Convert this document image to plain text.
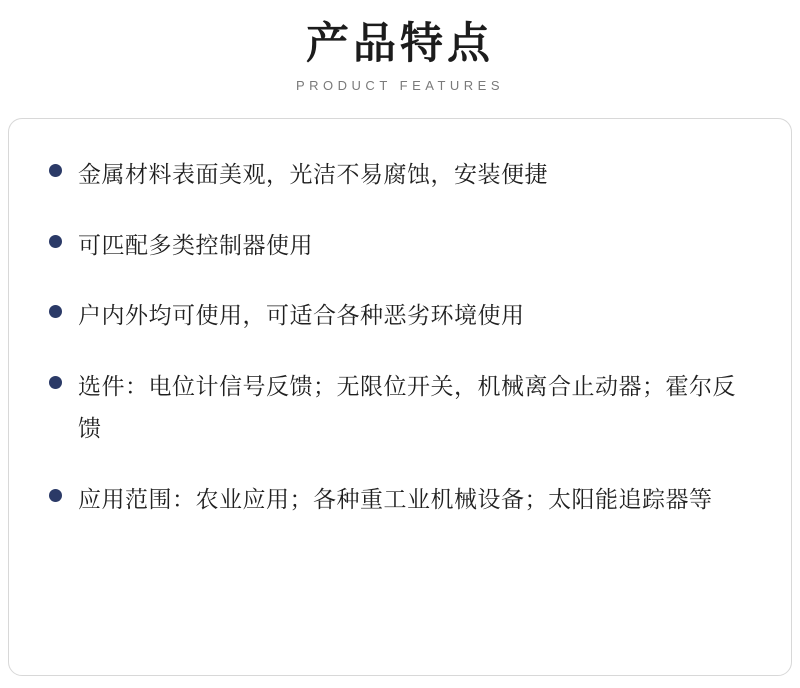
产品特点
PRODUCT FEATURES
金属材料表面美观，光洁不易腐蚀，安装便捷
可匹配多类控制器使用
户内外均可使用，可适合各种恶劣环境使用
选件：电位计信号反馈；无限位开关，机械离合止动器；霍尔反馈
应用范围：农业应用；各种重工业机械设备；太阳能追踪器等
